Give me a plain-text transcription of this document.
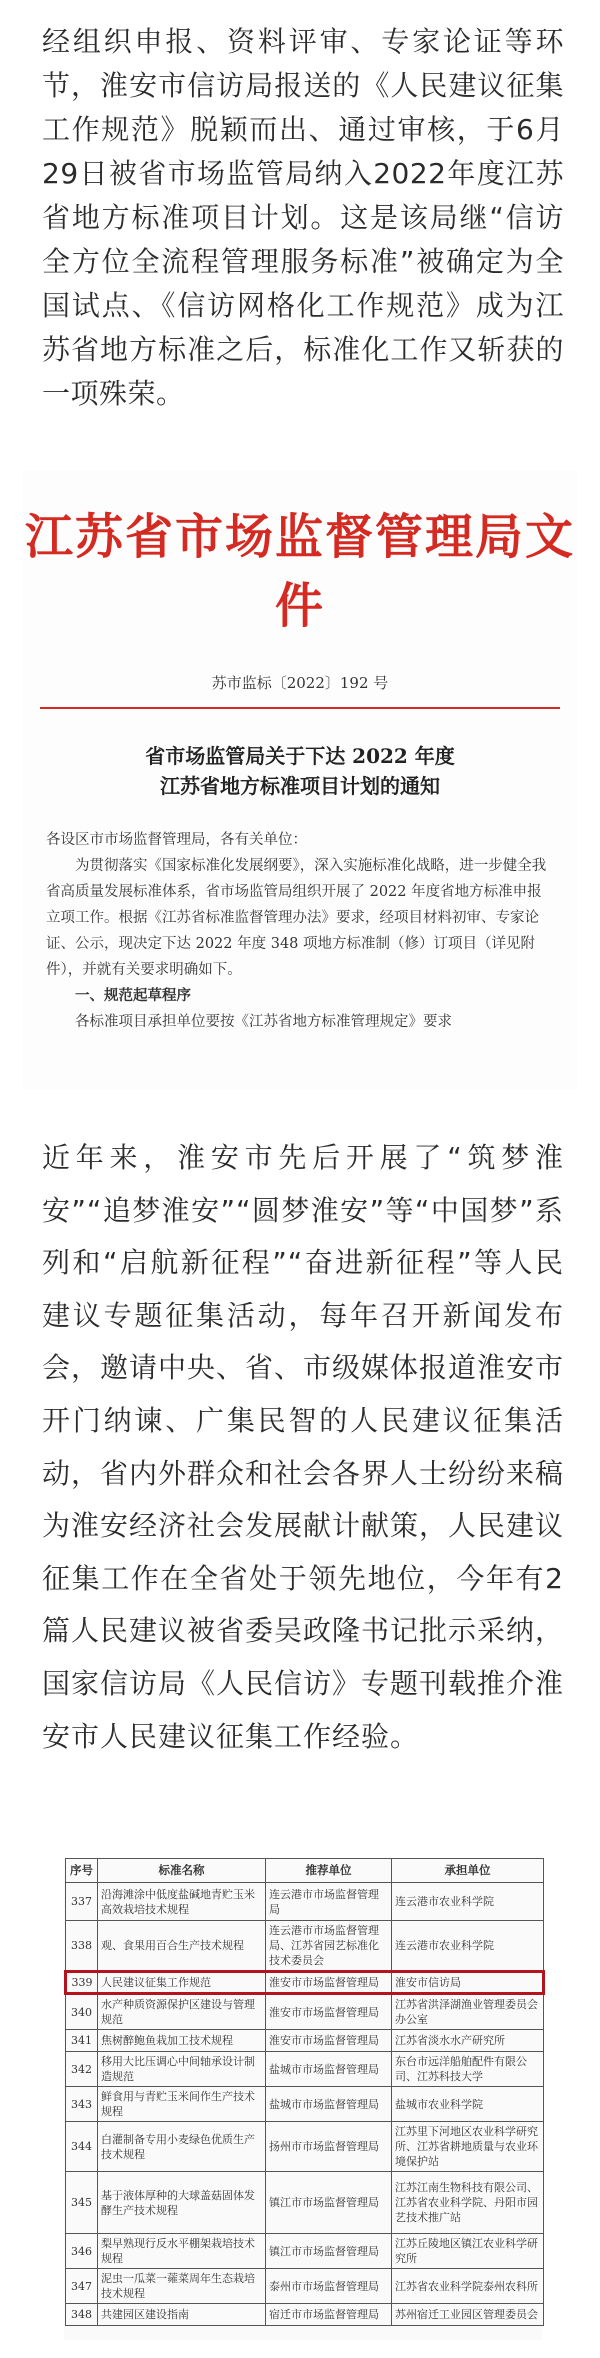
经组织申报、资料评审、专家论证等环节，淮安市信访局报送的《人民建议征集工作规范》脱颖而出、通过审核，于6月29日被省市场监管局纳入2022年度江苏省地方标准项目计划。这是该局继“信访全方位全流程管理服务标准”被确定为全国试点、《信访网格化工作规范》成为江苏省地方标准之后，标准化工作又斩获的一项殊荣。

江苏省市场监督管理局文件
苏市监标〔2022〕192 号
省市场监管局关于下达 2022 年度
江苏省地方标准项目计划的通知

各设区市市场监督管理局，各有关单位：

为贯彻落实《国家标准化发展纲要》，深入实施标准化战略，进一步健全我省高质量发展标准体系，省市场监管局组织开展了 2022 年度省地方标准申报立项工作。根据《江苏省标准监督管理办法》要求，经项目材料初审、专家论证、公示，现决定下达 2022 年度 348 项地方标准制（修）订项目（详见附件），并就有关要求明确如下。

一、规范起草程序

各标准项目承担单位要按《江苏省地方标准管理规定》要求

近年来，淮安市先后开展了“筑梦淮安”“追梦淮安”“圆梦淮安”等“中国梦”系列和“启航新征程”“奋进新征程”等人民建议专题征集活动，每年召开新闻发布会，邀请中央、省、市级媒体报道淮安市开门纳谏、广集民智的人民建议征集活动，省内外群众和社会各界人士纷纷来稿为淮安经济社会发展献计献策，人民建议征集工作在全省处于领先地位，今年有2篇人民建议被省委吴政隆书记批示采纳，国家信访局《人民信访》专题刊载推介淮安市人民建议征集工作经验。

序号	标准名称	推荐单位	承担单位
337	沿海滩涂中低度盐碱地青贮玉米高效栽培技术规程	连云港市市场监督管理局	连云港市农业科学院
338	观、食果用百合生产技术规程	连云港市市场监督管理局、江苏省园艺标准化技术委员会	连云港市农业科学院
339	人民建议征集工作规范	淮安市市场监督管理局	淮安市信访局
340	水产种质资源保护区建设与管理规范	淮安市市场监督管理局	江苏省洪泽湖渔业管理委员会办公室
341	焦树醉鲍鱼栽加工技术规程	淮安市市场监督管理局	江苏省淡水水产研究所
342	移用大比压调心中间轴承设计制造规范	盐城市市场监督管理局	东台市远洋船舶配件有限公司、江苏科技大学
343	鲜食用与青贮玉米间作生产技术规程	盐城市市场监督管理局	盐城市农业科学院
344	白灌制备专用小麦绿色优质生产技术规程	扬州市市场监督管理局	江苏里下河地区农业科学研究所、江苏省耕地质量与农业环境保护站
345	基于液体厚种的大球盖菇固体发酵生产技术规程	镇江市市场监督管理局	江苏江南生物科技有限公司、江苏省农业科学院、丹阳市园艺技术推广站
346	梨早熟现行反水平棚架栽培技术规程	镇江市市场监督管理局	江苏丘陵地区镇江农业科学研究所
347	泥虫一瓜菜一蕹菜周年生态栽培技术规程	泰州市市场监督管理局	江苏省农业科学院泰州农科所
348	共建园区建设指南	宿迁市市场监督管理局	苏州宿迁工业园区管理委员会
